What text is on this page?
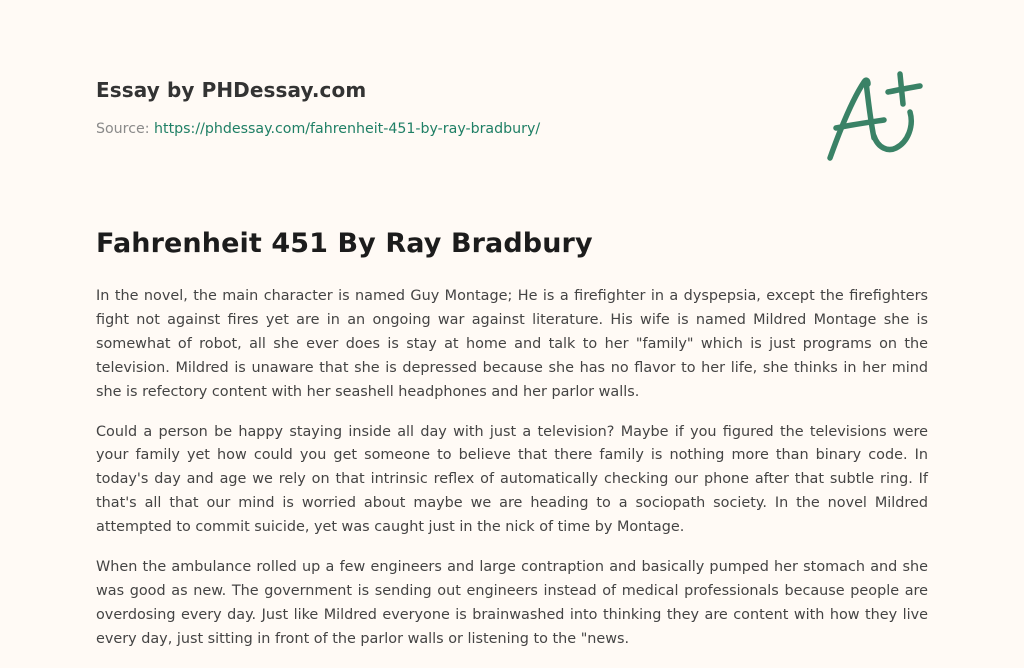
Essay by PHDessay.com
Source: https://phdessay.com/fahrenheit-451-by-ray-bradbury/
Fahrenheit 451 By Ray Bradbury

In the novel, the main character is named Guy Montage; He is a firefighter in a dyspepsia, except the firefighters fight not against fires yet are in an ongoing war against literature. His wife is named Mildred Montage she is somewhat of robot, all she ever does is stay at home and talk to her "family" which is just programs on the television. Mildred is unaware that she is depressed because she has no flavor to her life, she thinks in her mind she is refectory content with her seashell headphones and her parlor walls.

Could a person be happy staying inside all day with just a television? Maybe if you figured the televisions were your family yet how could you get someone to believe that there family is nothing more than binary code. In today's day and age we rely on that intrinsic reflex of automatically checking our phone after that subtle ring. If that's all that our mind is worried about maybe we are heading to a sociopath society. In the novel Mildred attempted to commit suicide, yet was caught just in the nick of time by Montage.

When the ambulance rolled up a few engineers and large contraption and basically pumped her stomach and she was good as new. The government is sending out engineers instead of medical professionals because people are overdosing every day. Just like Mildred everyone is brainwashed into thinking they are content with how they live every day, just sitting in front of the parlor walls or listening to the "news.
